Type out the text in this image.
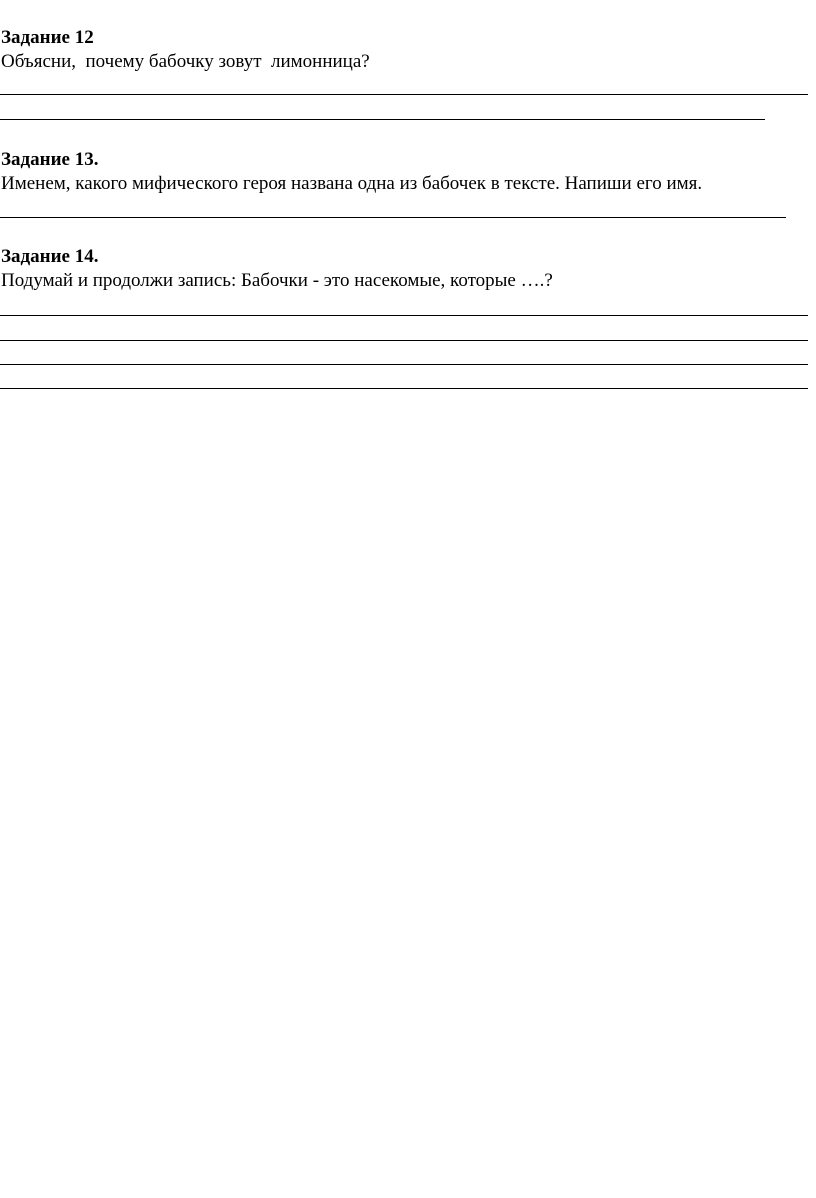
Задание 12
Объясни,  почему бабочку зовут  лимонница?
Задание 13.
Именем, какого мифического героя названа одна из бабочек в тексте. Напиши его имя.
Задание 14.
Подумай и продолжи запись: Бабочки - это насекомые, которые ….?
